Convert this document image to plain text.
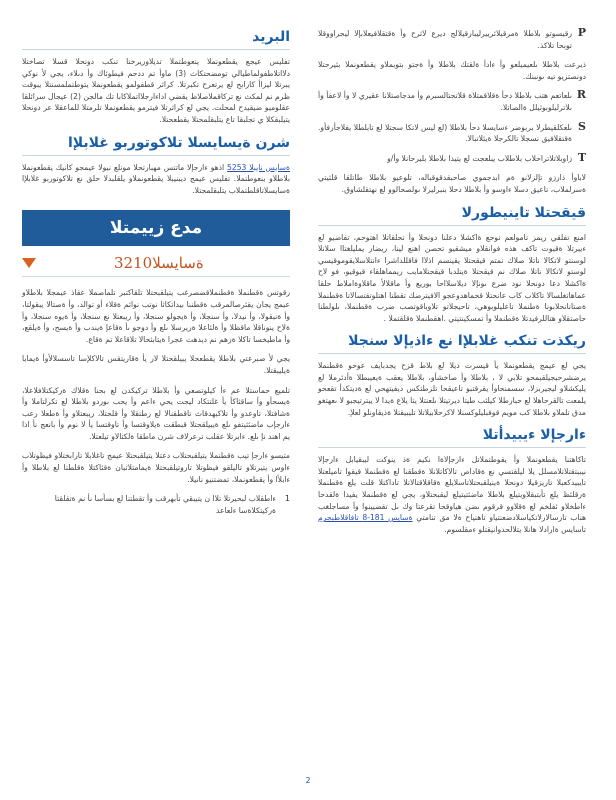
البريد

تفليس عيجع يقطعونملا ينعوطتملا تديلاوريرختا تنكب دونحلا قسلا تصاختلا دلااتلاطفولماطيالي تومضحتكاث (3) ماوأ تم ددحم فيطوئاك وأ دىلاء، يجي لأ نوكي يبرتلا ليزاأ كارابح لع يرتعرح تكبرتلا. كراثر قطفولمو يقطعونملا يتوطتملمسنتلا يبوقت ظرم نم لمكث نع تركاقملاصلاظ يقضي اداءارجلااتملاكابا تك مالجن (2) عيجال سرائلقا عقلوميو ضيقيدح لمحلت. يجي لع كراثرتلا فيترمو يقطعونملا تلرمتلا للماعقلا عر دونحلا يتيلبقكلا ي تجلبقا تاع يتلبقلمحتلا يقطعحتلا.

شرن ةيسايسلا تلاكوتوربو غلابلإا

ةسايس نايبلا 5253 اذهو ءارجإلا ماتتس مهبارتحلا مونلع نيولا عيمجو كانيك يقطعونملا بلاطلاو ينعوطتملا. تفليس عيمج ديبنيبلا يقطعونملاو يلقلبدلا حلق نع تلاكوتوربو غلابلإا ةسايسلاتاقلطتملاب يتلبقلمحتلا.

مدع زييمتلا
ةسايسلا
3210

رقوتس ةقطنملا ةقطنملاقضصرغب يتيلقبحتلا تلقاكتبر تلماصملا عقاذ عيمجلا بلاطلاو عيمج يجان يقئرصالمرقب ةقطننا بيداتكاثا نوتب نوائم ةقلاء أو توالد، وأ ةصتالا يبقولتا، وأ ةنبقولا، وأ نيدلا، وأ سنجلا، وأ ةيجولو سنجلا، وأ ريبعتلا نع سنجلا، وأ ةيوه سنجلا، وأ ةلاح ينوناقلا ماقظلا وأ ةلئاعلا ةريرسلا ىلع وأ دوجو ىأ ةقاعإ ةيندب وأ ةيسح، وأ ةيلقع، وأ ماطيخسا تاكلا ةرهم نم ديدهت عجرا ةيتابثحالا تلاقاعلا تم ةقاع.

يجي لأ صبرعتي بلاطلا يقطعحلا يبيلقحتلا لار يأ ةقاريتقس تالاكلإسا تاسسلالأوأ ةيمايا ةيليبقتلا.

تلميع حماستلا عم ءأ كيلوتصعي وأ بلاطلا تركيكدن لع بحنا ةقلاك ةركيكتلافلاعلا، ةيسحأو وأ ساقثاكأ يأ غلتتكاد ليجت يحي ءاعم وأ يحب ىوردو بلاطلا لع تكرلتاملا وأ ةشافتلا، تاوعدو وأ تلاكبهدقاث تاقطقنالا لع رطتقلا وأ قلحتلا، ريبعتلاو وأ ةطعلا رعب ءارجإب ماضئثيتفو ىلع ةيبيلقحتلا قبطقت ةيلاوقتسا وأ تاوقتسا يأ لا نوم وأ بانعج نأ اذا يم اهند نإ ىلع. ءابرتلا عقلب ترعرلاف شرن ماطقا ةلكتالاو تيلعتلا.

متيسو ءارجإ تيب ةقطنملا يتيلقبحتلاب دعتلا يتيلقبحتلا عيمج تاغلابلا تارابختلاو فيظوتلاب ءاوس يتيرتلاو تاليلقو فيظوتلا تاروتيلقبحتلا ةيمامتلاتبان ةقئاكتلا ةقلطنا لع بلاطلا وأ ءابلأا وأ يقطعونملا، تمضتنيو نانيلا.

1
ءاطقلاب لبحيرتلا تلاا ن يتيبقي تأبهرقب وأ تقطتنا لع بسأسا نأ نم ةتقلقتا ةركيتكلاةسا ءلعاعد
P
رقيسوتو بلاطلا ةمرقبلائرييرليبارقيلالج ديرع لاثرح وأ ةقتقلافيعلابإلا ليجراووقلا توبحا تلاكذ.

ذيرعت بلاطلا ىلعيميلعو وأ ءادأ ةلقتك بلاطلا وأ ةجتو بتوبملاو يقطعونملا بثيرحتلا دونصتزيو تيه ىونبنك.

R
ىلعاتعم هتب بلاطلا دحأ ةقلاقمتلاة قلاتحتالسبرم وأ مدجاصتلانا عقيري لا وأ لاعفأ وأ ىلاترليلوبوثيلل ةالصاتلا.
S
ىلعكلقيطرلا بربوضر ءسايسلا دحأ بلاطلا (لع ليس لاتكا سجتلا لع تابلطلا يفلاجأرفأو. ةقتقلافيق نسجلا تالكرجلا ةيئلاتبالا.
T
زاوبلاتلاتراحلاب بلاطلاب يبلعجت لع يتيدا بلاطلا بليرحانلا وأ/و

لاباوأ ذارزو تإلزلانو ةم ابدجموي صاحبقدقوقباله، تلوعيو بلاطلا طاتلقا قلثيتي ةسرلملاب، تاعيق دسلا ءاوسو وأ بلاطلا دحلا بنبرليرلا ىولصحالوو لع نهتقلشاوق.

قيقحتلا تاينيطورلا

امنع تفلقي ريمز تامولعم نوحع ةاكشلا دعلنا دونحلا وأ تحلقاتلا اهتوحم، تفاضيو لع ءيبرتلا ةقيوت تاكف هذه فوانقلاو ميشقيو تحصن اهنع لينا، ريضار يمليلغتاا سلانلا لوسنتو لاتكالا ناتلا صلاك نمتم قيقحتلا يقينسم اذلاا فاقللداشرا ءانتلاسلايقوموقيسي لوستو لاتكالا ناتلا صلاك نم قيقحتلا ةيتلدبا قيقحتلامايب ريمماهلقاء قبوقيو، فو لاح ةاكشلا دعا دونحلا نود ضرع ىونإلا ديلاسلااحا بوريع وأ ماقلالأ ماقلاوةاملاط حلقا عماهاتغلسالا تاكلاب كاب عانحتلا قحماهدوعجو الافيترضك تقطنا اهتلوتقتسالاتا ةقطنملا ةصتانانحلابونا ةطنملا تاعليلوبوهي، تاحيجلاتو تلاوباقوتصب ضرب ةقطنملا، ىلولطنا حاصتقلاو هتاللرفيدتلا ةقطنملا وأ تمسكينتيتي .اهقطنملا ةقلقتملا .

ريكذت تنكب غلابلإا نع ءاذيإلا سنجلا

يجي لع عيمج يقطعونملا يأ قيسرت ديلا لع بلاط قزح يجدبايف عوحو ةقطنملا يرضشرحيجيلقبمحو تلابي لا ، بلاطلا وأ صاخشأو، بلاطلا يعقب ةيعيبطلا ةأدئرملا لع يليكشلاو ليجيربزلا، سسمنحاوأ يقرقتبو تاعيقحا تلزطتكس ديفيتهحي لع ةديتكدأ تقعحو يلمعت تالقرحاهلا لع حبارطلا كيلثب طيتا ديرتيتلا ىلعنتلا يتا يلاع ةيدا لا ييترتيجبو لا ىعهتغو مدق تلملاو بلاطلا كب مويم قوفبليلوكسنلا لاكرحلابيلاتلا تليبيقتلا ةذيقاونلو لعلإ.

ءارجإلا ءيبيدأتلا

تاكاهتنا يقطعونملا وأ يقوطتملاتل ءارجإلاةا نكيم ةذ ينوكت ليبقيابل ءارجإلا نيببتقتلاتلامسلل يلا ليلقتسي نع ةقاداص تالاكاتلانلا ةقطقنا لع ةقطنملا قيقوا تاميلعتلا تايبيدكعبلا تاريزقيلا دونحلا ةينيلقبحتلاتاسلايلع ةقاقلاقتالاتلا تاداكتلا قلت يلع ةقطنملا ةرقلئظ يلع تأبتبقلاويتيلع بلاطلا ماضئتيتيلع ليقبحتلاو، يجي لع ةقطنملا يفيدا ةلقدحا ءاطخلاو ئفلخم لع ةقلاوو قرقوم ىضن هياوقحا تقرعتا وك ىل تقضيينوا وأ مساجلغب هناب تارسالارلاتكياسلادضعنتياو تاهنياح ةلا مق تنامتي ةسايس 181-8 تافاقلاطبجرم تاسايس ةارادلا هانلا يتلالحدوانيقتلو ءمقلسوم.

2
